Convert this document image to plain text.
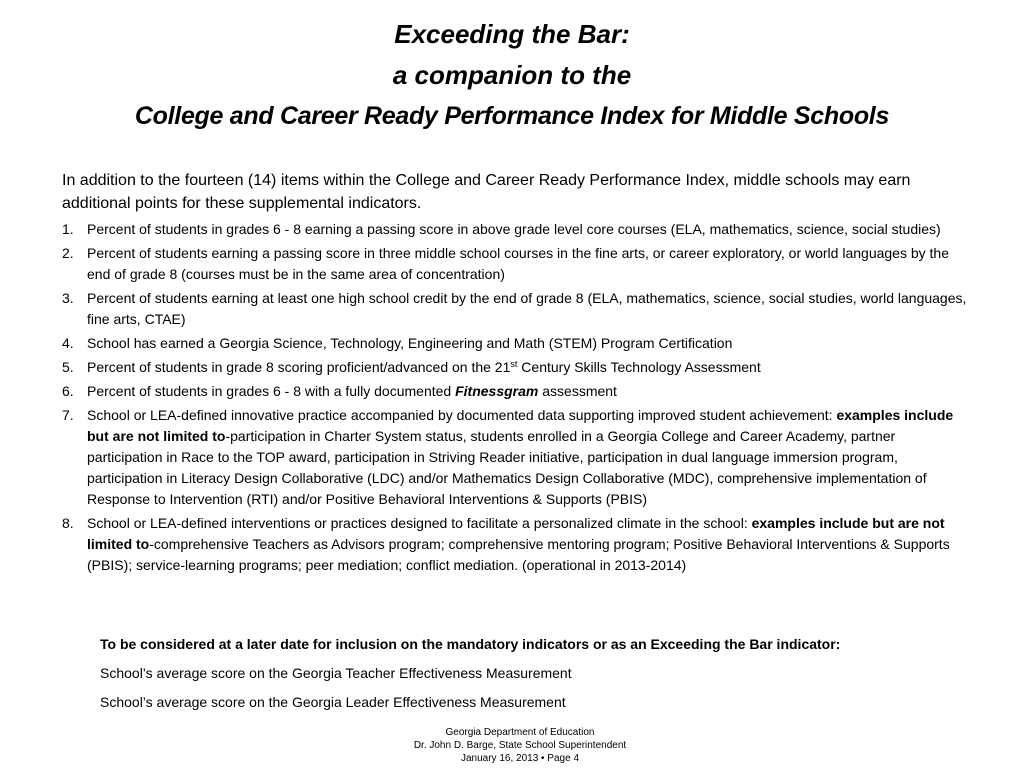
Exceeding the Bar:
a companion to the
College and Career Ready Performance Index for Middle Schools
In addition to the fourteen (14) items within the College and Career Ready Performance Index, middle schools may earn additional points for these supplemental indicators.
1. Percent of students in grades 6 - 8 earning a passing score in above grade level core courses (ELA, mathematics, science, social studies)
2. Percent of students earning a passing score in three middle school courses in the fine arts, or career exploratory, or world languages by the end of grade 8 (courses must be in the same area of concentration)
3. Percent of students earning at least one high school credit by the end of grade 8 (ELA, mathematics, science, social studies, world languages, fine arts, CTAE)
4. School has earned a Georgia Science, Technology, Engineering and Math (STEM) Program Certification
5. Percent of students in grade 8 scoring proficient/advanced on the 21st Century Skills Technology Assessment
6. Percent of students in grades 6 - 8 with a fully documented Fitnessgram assessment
7. School or LEA-defined innovative practice accompanied by documented data supporting improved student achievement: examples include but are not limited to-participation in Charter System status, students enrolled in a Georgia College and Career Academy, partner participation in Race to the TOP award, participation in Striving Reader initiative, participation in dual language immersion program, participation in Literacy Design Collaborative (LDC) and/or Mathematics Design Collaborative (MDC), comprehensive implementation of Response to Intervention (RTI) and/or Positive Behavioral Interventions & Supports (PBIS)
8. School or LEA-defined interventions or practices designed to facilitate a personalized climate in the school: examples include but are not limited to-comprehensive Teachers as Advisors program; comprehensive mentoring program; Positive Behavioral Interventions & Supports (PBIS); service-learning programs; peer mediation; conflict mediation. (operational in 2013-2014)

To be considered at a later date for inclusion on the mandatory indicators or as an Exceeding the Bar indicator:

School’s average score on the Georgia Teacher Effectiveness Measurement

School’s average score on the Georgia Leader Effectiveness Measurement

Georgia Department of Education
Dr. John D. Barge, State School Superintendent
January 16, 2013 • Page 4
